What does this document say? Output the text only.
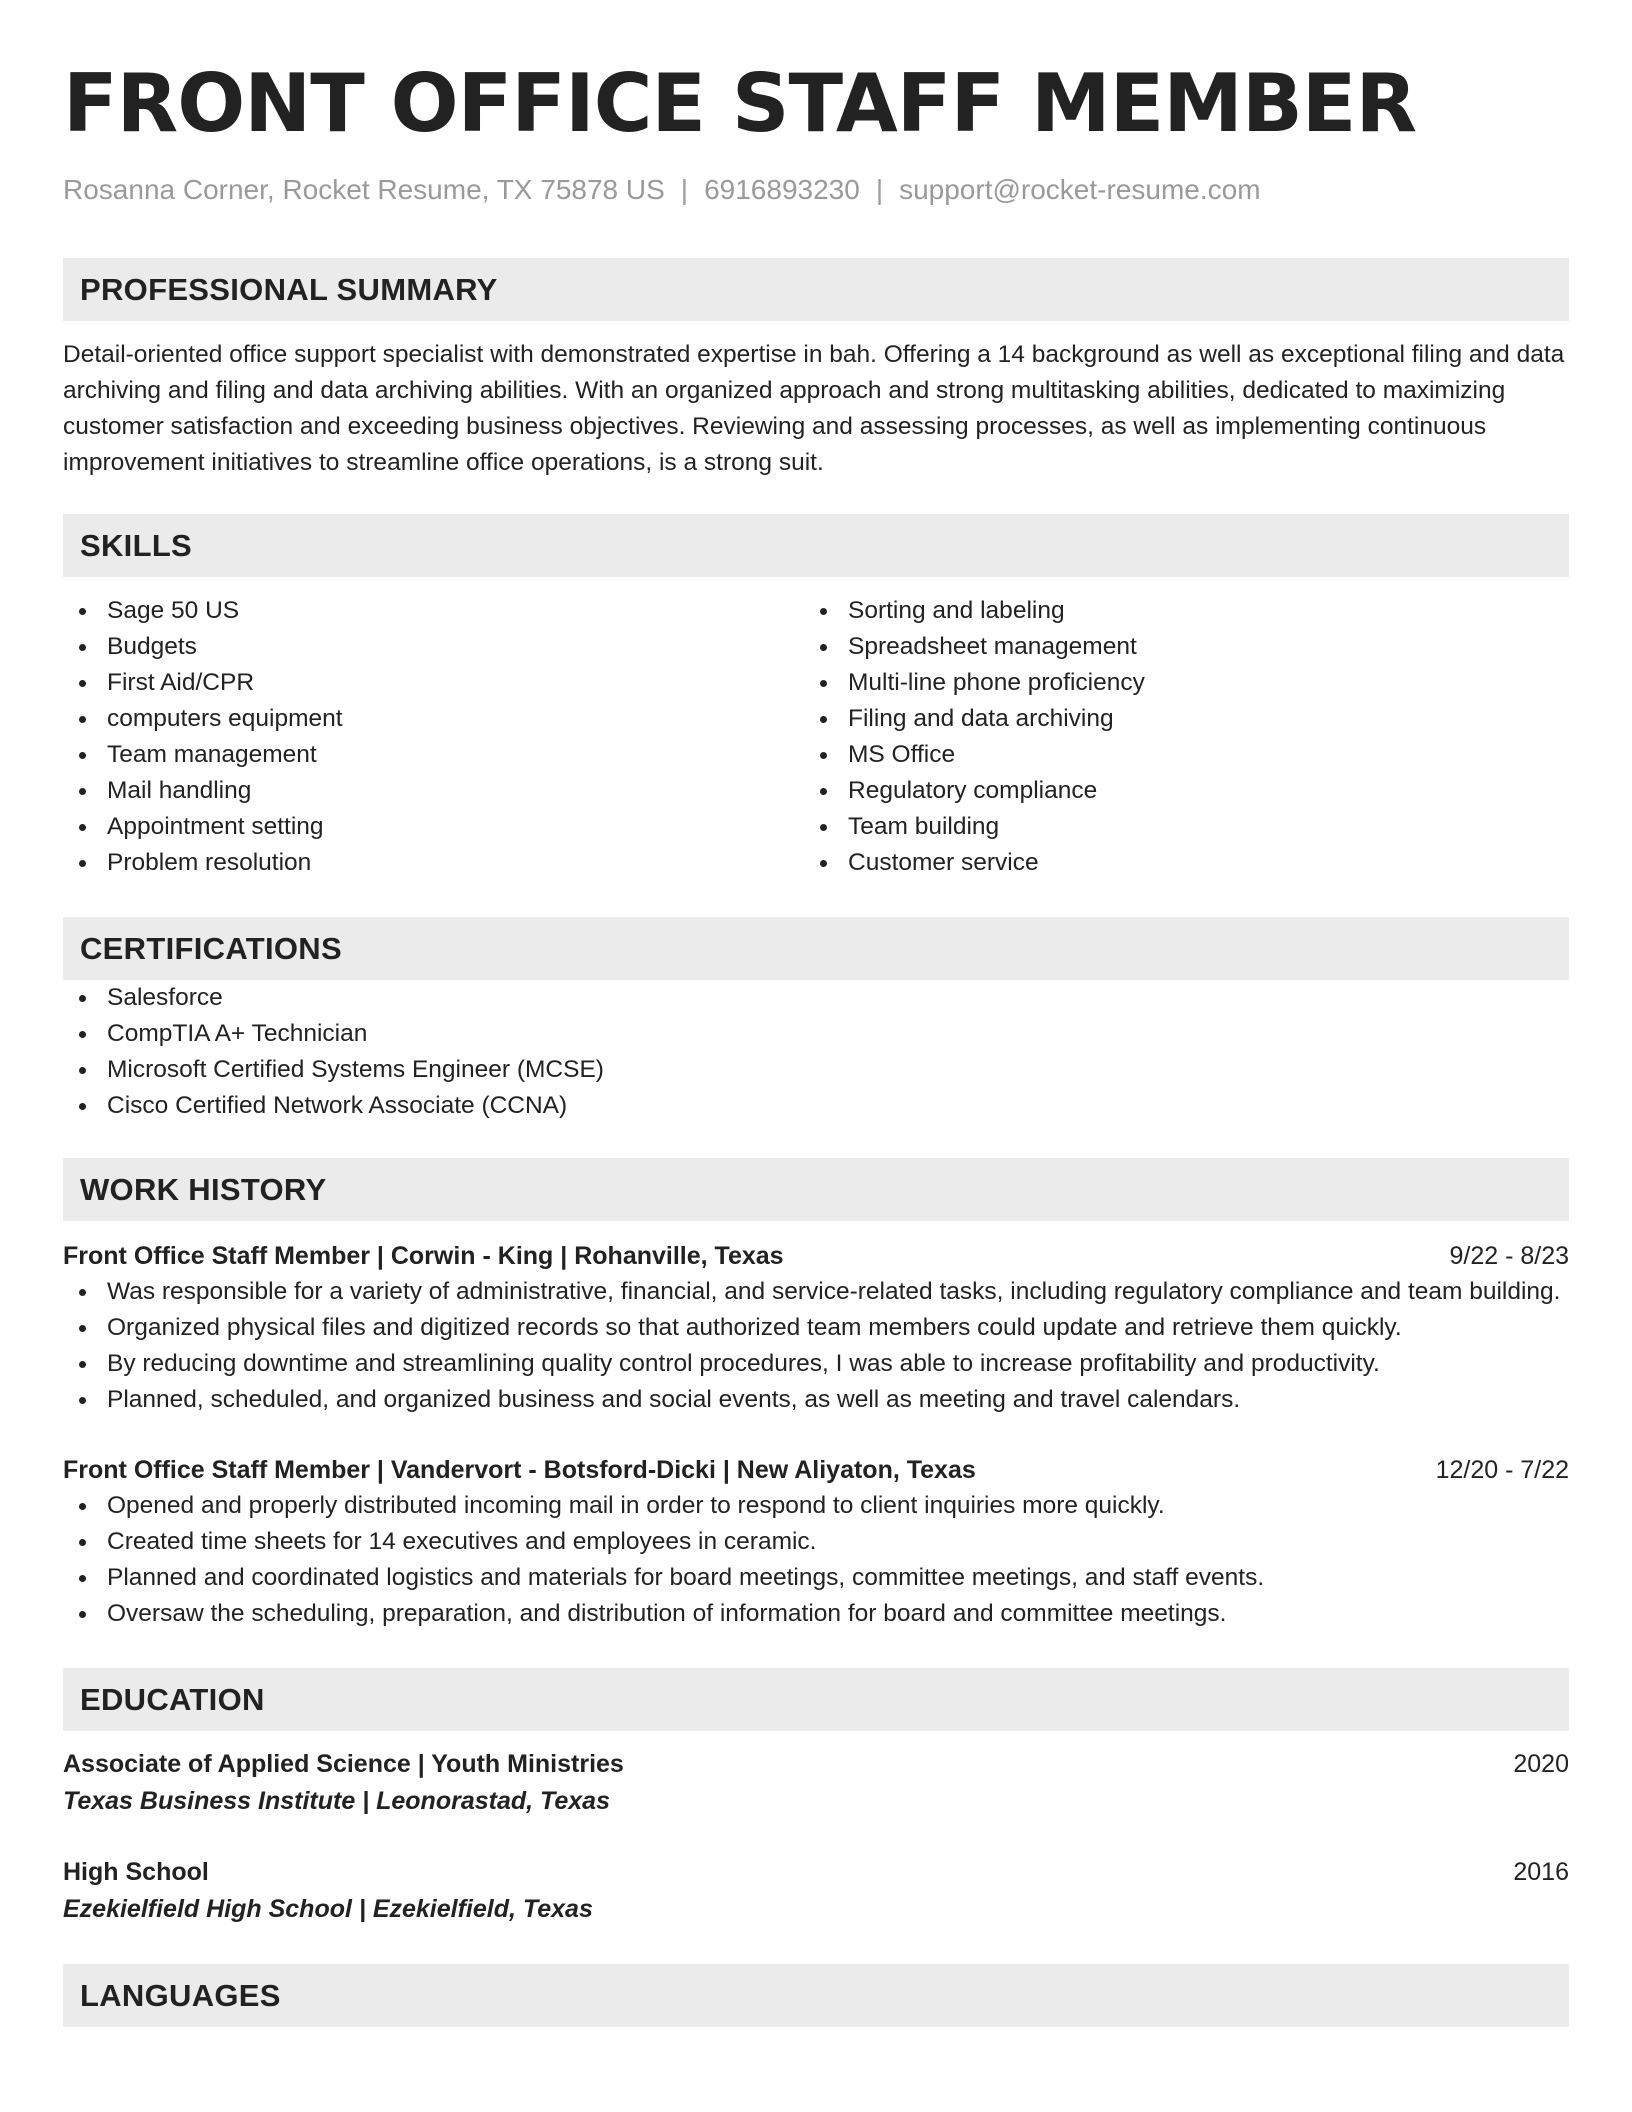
FRONT OFFICE STAFF MEMBER
Rosanna Corner, Rocket Resume, TX 75878 US | 6916893230 | support@rocket-resume.com
PROFESSIONAL SUMMARY
Detail-oriented office support specialist with demonstrated expertise in bah. Offering a 14 background as well as exceptional filing and data archiving and filing and data archiving abilities. With an organized approach and strong multitasking abilities, dedicated to maximizing customer satisfaction and exceeding business objectives. Reviewing and assessing processes, as well as implementing continuous improvement initiatives to streamline office operations, is a strong suit.
SKILLS
Sage 50 US
Budgets
First Aid/CPR
computers equipment
Team management
Mail handling
Appointment setting
Problem resolution
Sorting and labeling
Spreadsheet management
Multi-line phone proficiency
Filing and data archiving
MS Office
Regulatory compliance
Team building
Customer service
CERTIFICATIONS
Salesforce
CompTIA A+ Technician
Microsoft Certified Systems Engineer (MCSE)
Cisco Certified Network Associate (CCNA)
WORK HISTORY
Front Office Staff Member | Corwin - King | Rohanville, Texas	9/22 - 8/23
Was responsible for a variety of administrative, financial, and service-related tasks, including regulatory compliance and team building.
Organized physical files and digitized records so that authorized team members could update and retrieve them quickly.
By reducing downtime and streamlining quality control procedures, I was able to increase profitability and productivity.
Planned, scheduled, and organized business and social events, as well as meeting and travel calendars.
Front Office Staff Member | Vandervort - Botsford-Dicki | New Aliyaton, Texas	12/20 - 7/22
Opened and properly distributed incoming mail in order to respond to client inquiries more quickly.
Created time sheets for 14 executives and employees in ceramic.
Planned and coordinated logistics and materials for board meetings, committee meetings, and staff events.
Oversaw the scheduling, preparation, and distribution of information for board and committee meetings.
EDUCATION
Associate of Applied Science | Youth Ministries	2020
Texas Business Institute | Leonorastad, Texas
High School	2016
Ezekielfield High School | Ezekielfield, Texas
LANGUAGES
